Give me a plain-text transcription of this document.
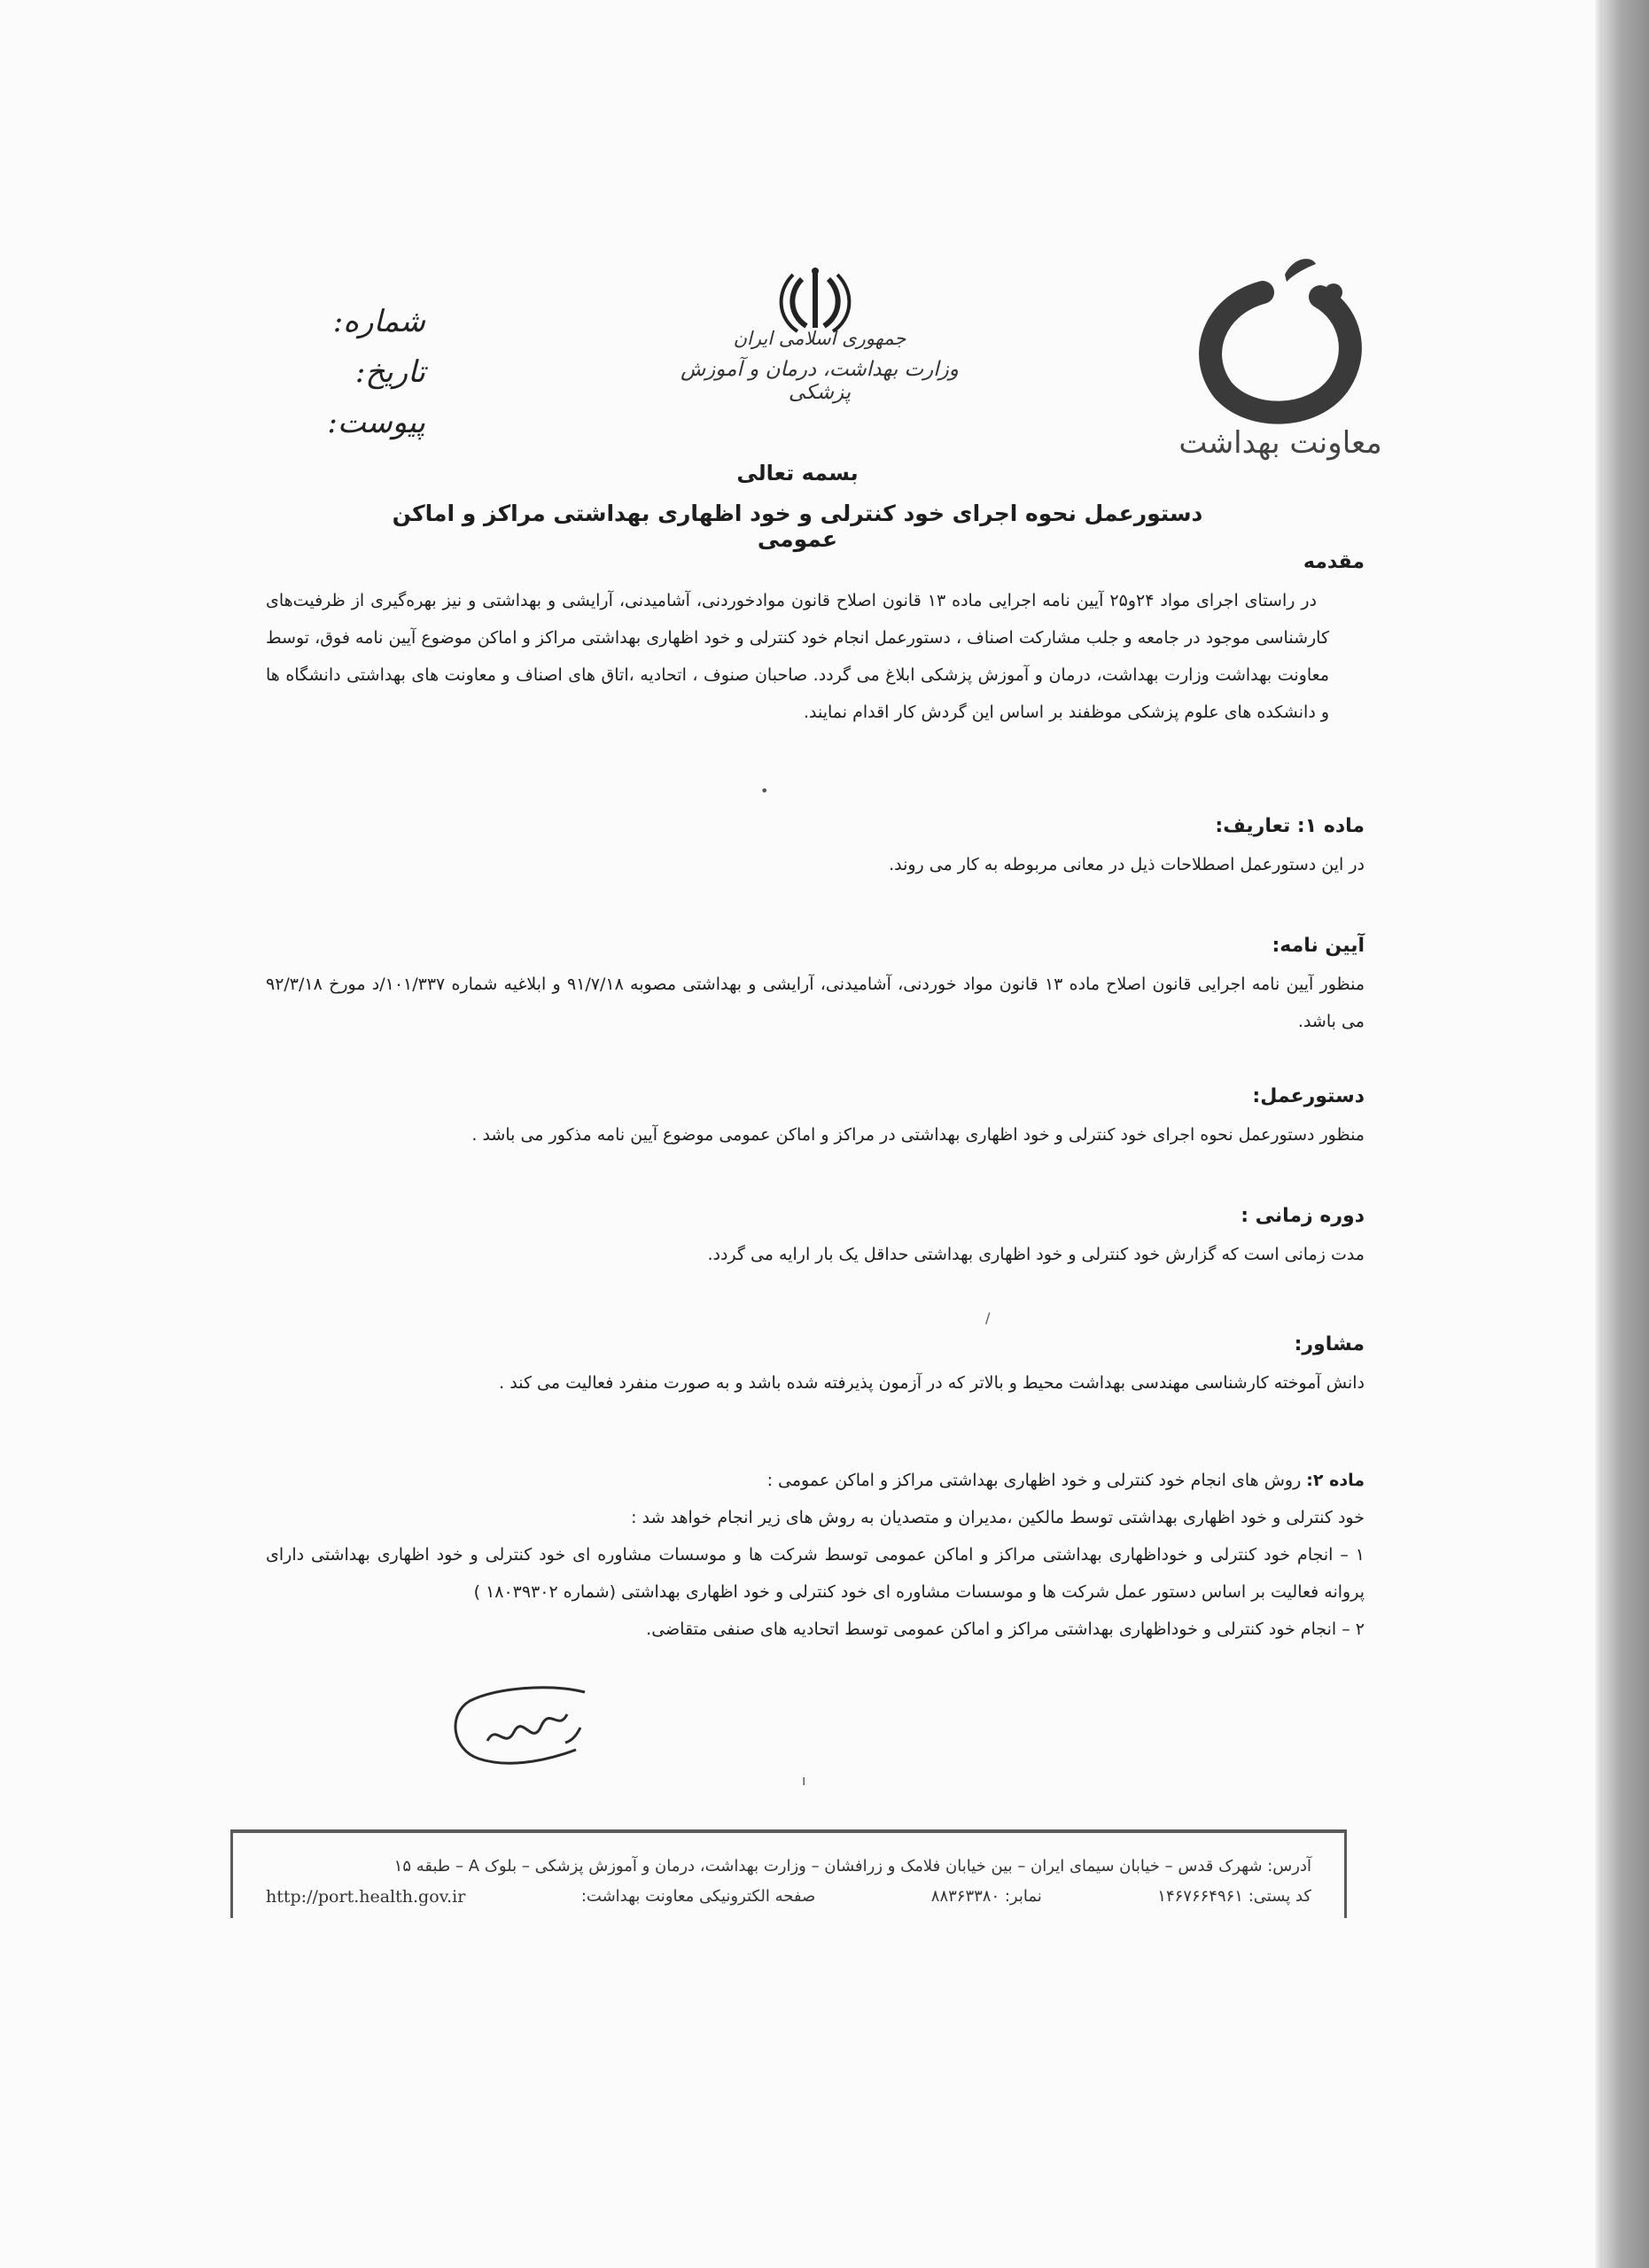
معاونت بهداشت
جمهوری اسلامی ایران
وزارت بهداشت، درمان و آموزش پزشکی
شماره:
تاریخ:
پیوست:
بسمه تعالی
دستورعمل نحوه اجرای خود کنترلی و خود اظهاری بهداشتی مراکز و اماکن عمومی
مقدمه

در راستای اجرای مواد ۲۴و۲۵ آیین نامه اجرایی ماده ۱۳ قانون اصلاح قانون موادخوردنی، آشامیدنی، آرایشی و بهداشتی و نیز بهره‌گیری از ظرفیت‌های کارشناسی موجود در جامعه و جلب مشارکت اصناف ، دستورعمل انجام خود کنترلی و خود اظهاری بهداشتی مراکز و اماکن موضوع آیین نامه فوق، توسط معاونت بهداشت وزارت بهداشت، درمان و آموزش پزشکی ابلاغ می گردد. صاحبان صنوف ، اتحادیه ،اتاق های اصناف و معاونت های بهداشتی دانشگاه ها و دانشکده های علوم پزشکی موظفند بر اساس این گردش کار اقدام نمایند.

•
ماده ۱: تعاریف:

در این دستورعمل اصطلاحات ذیل در معانی مربوطه به کار می روند.

آیین نامه:

منظور آیین نامه اجرایی قانون اصلاح ماده ۱۳ قانون مواد خوردنی، آشامیدنی، آرایشی و بهداشتی مصوبه ۹۱/۷/۱۸ و ابلاغیه شماره ۱۰۱/۳۳۷/د مورخ ۹۲/۳/۱۸ می باشد.

دستورعمل:

منظور دستورعمل نحوه اجرای خود کنترلی و خود اظهاری بهداشتی در مراکز و اماکن عمومی موضوع آیین نامه مذکور می باشد .

دوره زمانی :

مدت زمانی است که گزارش خود کنترلی و خود اظهاری بهداشتی حداقل یک بار ارایه می گردد.

/
مشاور:

دانش آموخته کارشناسی مهندسی بهداشت محیط و بالاتر که در آزمون پذیرفته شده باشد و به صورت منفرد فعالیت می کند .

ماده ۲: روش های انجام خود کنترلی و خود اظهاری بهداشتی مراکز و اماکن عمومی :

خود کنترلی و خود اظهاری بهداشتی توسط مالکین ،مدیران و متصدیان به روش های زیر انجام خواهد شد :

۱ – انجام خود کنترلی و خوداظهاری بهداشتی مراکز و اماکن عمومی توسط شرکت ها و موسسات مشاوره ای خود کنترلی و خود اظهاری بهداشتی دارای پروانه فعالیت بر اساس دستور عمل شرکت ها و موسسات مشاوره ای خود کنترلی و خود اظهاری بهداشتی (شماره ۱۸۰۳۹۳۰۲ )

۲ – انجام خود کنترلی و خوداظهاری بهداشتی مراکز و اماکن عمومی توسط اتحادیه های صنفی متقاضی.

ı
آدرس: شهرک قدس – خیابان سیمای ایران – بین خیابان فلامک و زرافشان – وزارت بهداشت، درمان و آموزش پزشکی – بلوک A – طبقه ۱۵
کد پستی: ۱۴۶۷۶۶۴۹۶۱
نمابر: ۸۸۳۶۳۳۸۰
صفحه الکترونیکی معاونت بهداشت:
http://port.health.gov.ir
